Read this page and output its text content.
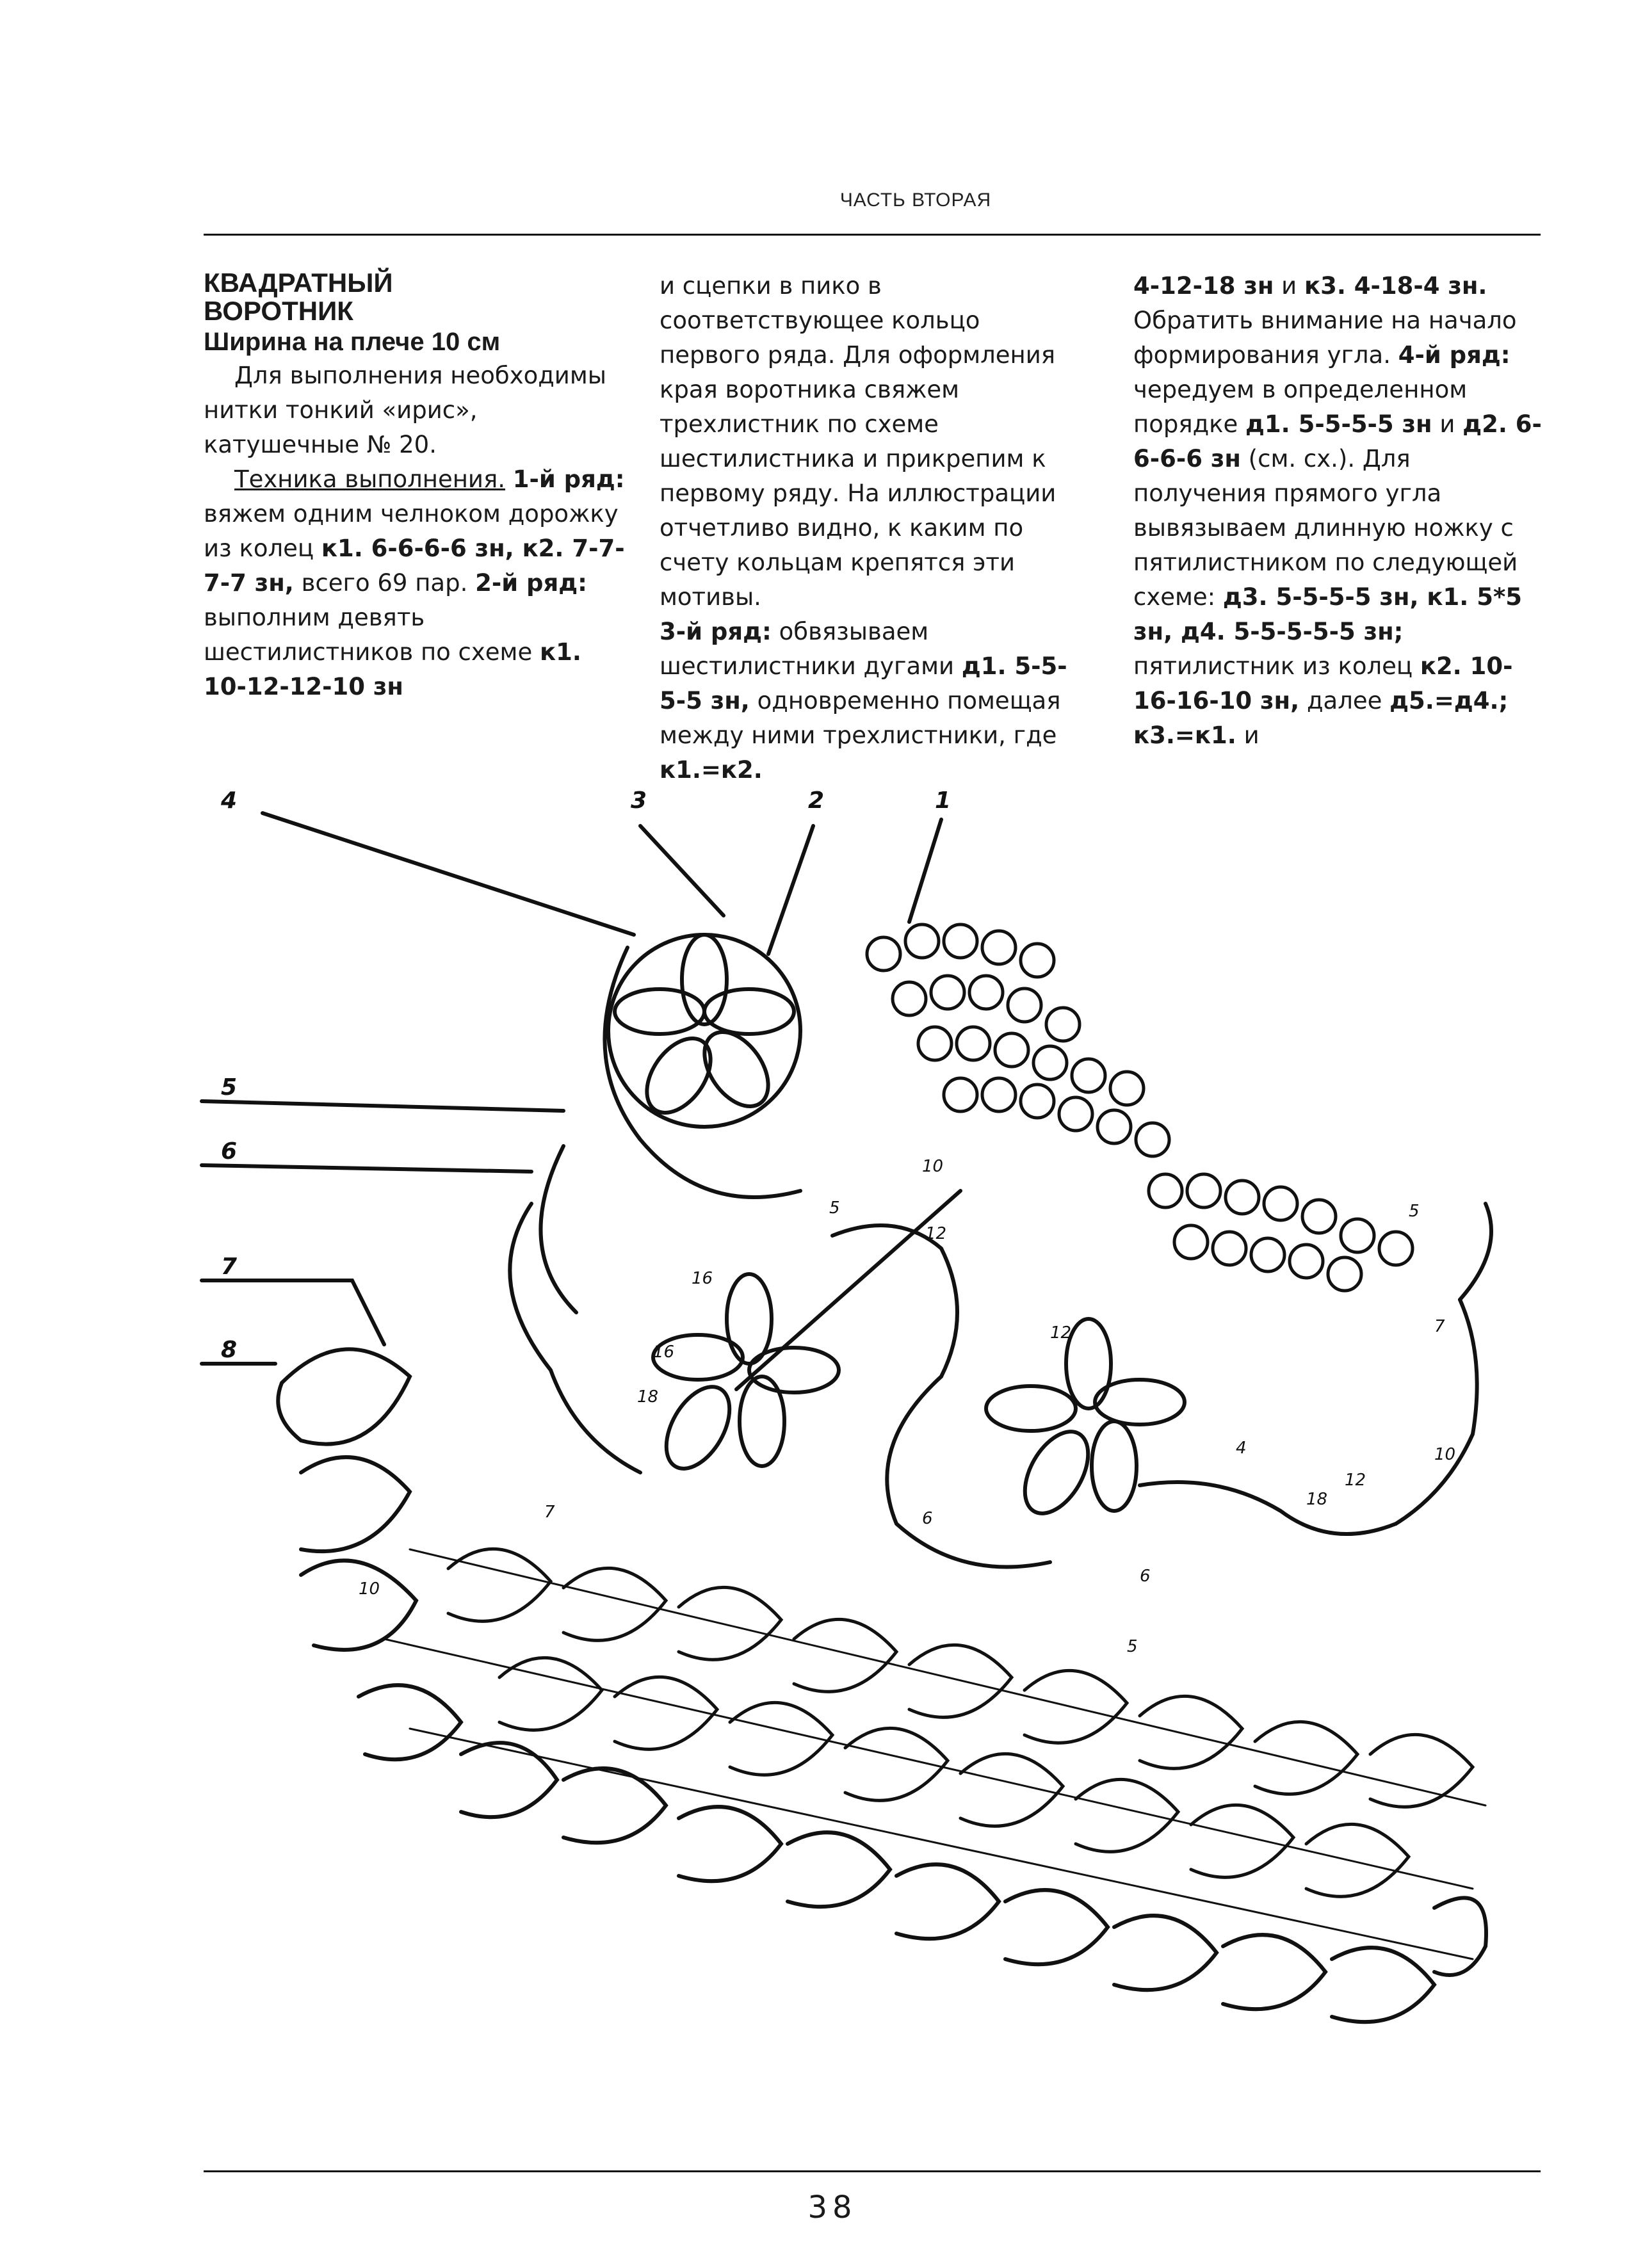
ЧАСТЬ ВТОРАЯ

КВАДРАТНЫЙ

ВОРОТНИК

Ширина на плече 10 см

Для выполнения необходимы нитки тонкий «ирис», катушечные № 20.

Техника выполнения. 1-й ряд: вяжем одним челноком дорожку из колец к1. 6-6-6-6 зн, к2. 7-7-7-7 зн, всего 69 пар. 2-й ряд: выполним девять шестилистников по схеме к1. 10-12-12-10 зн

и сцепки в пико в соответствующее кольцо первого ряда. Для оформления края воротника свяжем трехлистник по схеме шестилистника и прикрепим к первому ряду. На иллюстрации отчетливо видно, к каким по счету кольцам крепятся эти мотивы.

3-й ряд: обвязываем шестилистники дугами д1. 5-5-5-5 зн, одновременно помещая между ними трехлистники, где к1.=к2.

4-12-18 зн и к3. 4-18-4 зн. Обратить внимание на начало формирования угла. 4-й ряд: чередуем в определенном порядке д1. 5-5-5-5 зн и д2. 6-6-6-6 зн (см. сх.). Для получения прямого угла вывязываем длинную ножку с пятилистником по следующей схеме: д3. 5-5-5-5 зн, к1. 5*5 зн, д4. 5-5-5-5-5 зн; пятилистник из колец к2. 10-16-16-10 зн, далее д5.=д4.; к3.=к1. и

4	3	2	1
5
6
7
8
10
12
16
18
4
5
6
7
10
10
16
12
12
18
6
5
5
7
38
